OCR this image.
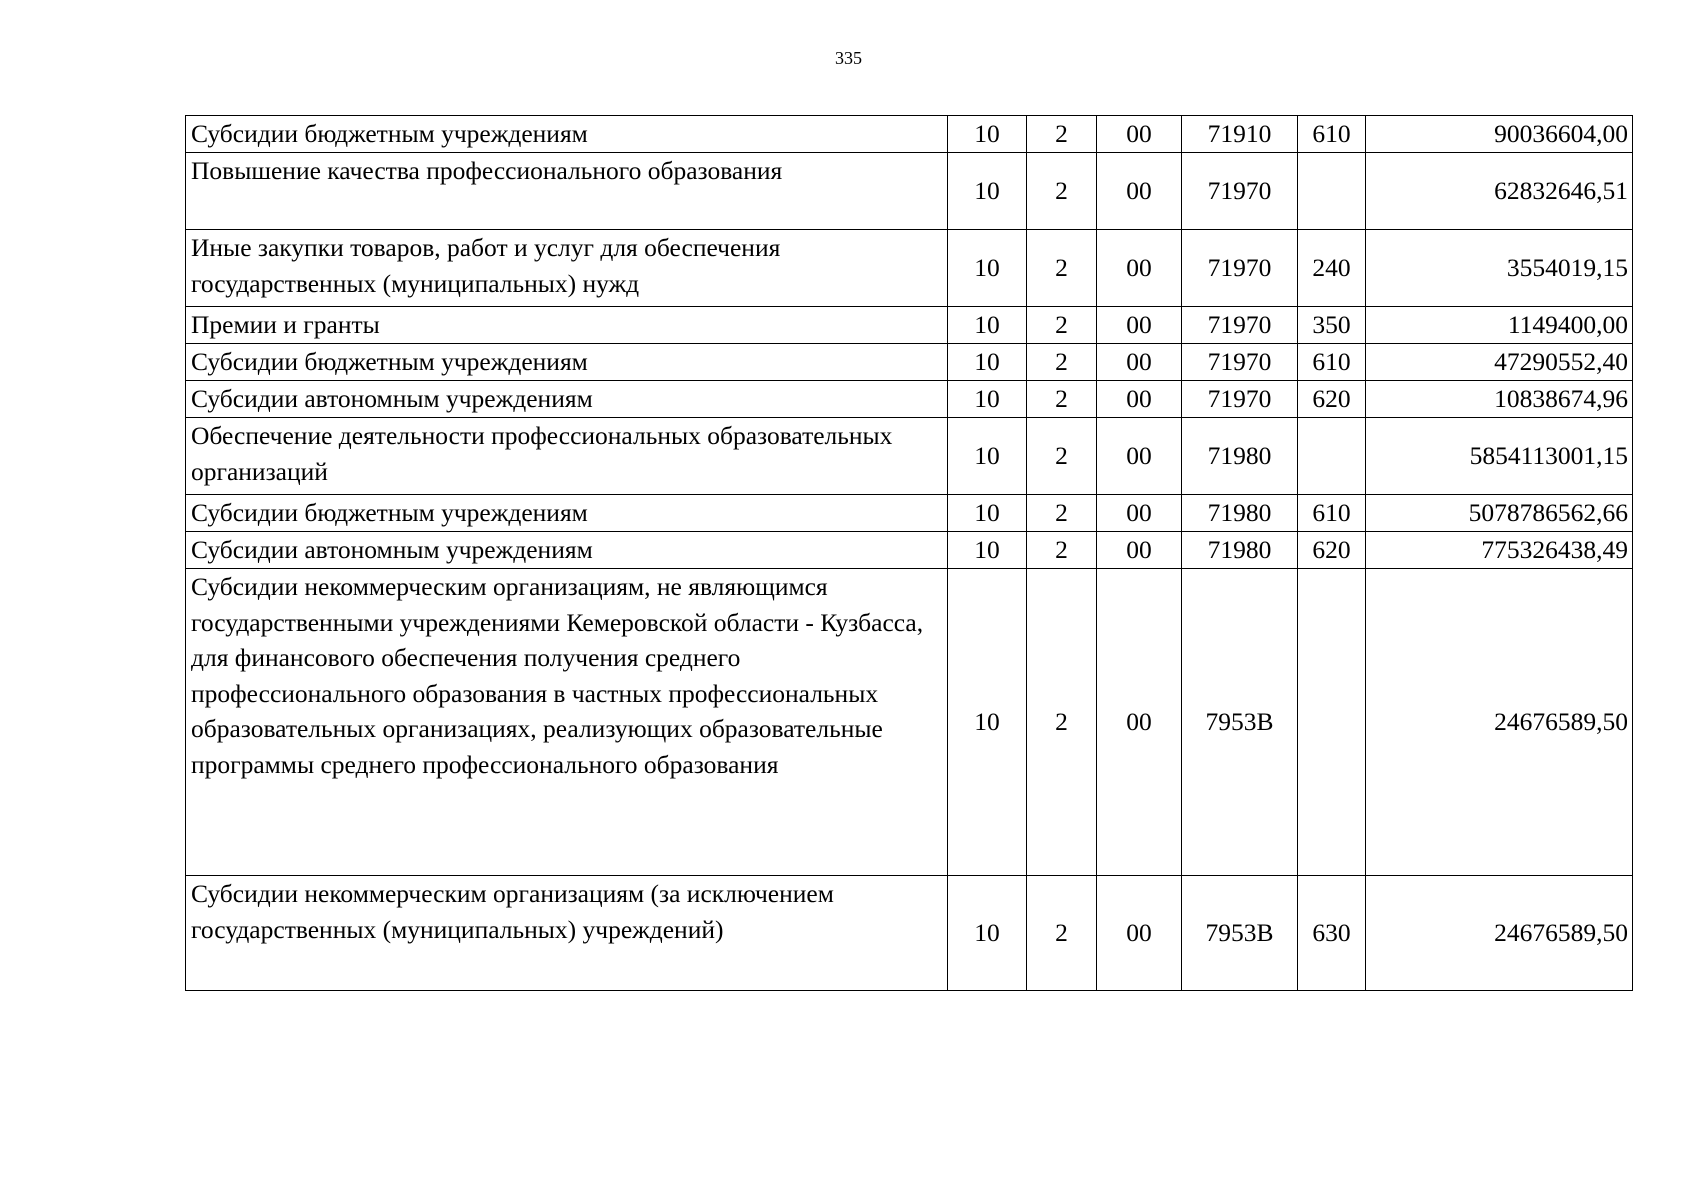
335
Субсидии бюджетным учреждениям	10	2	00	71910	610	90036604,00
Повышение качества профессионального образования	10	2	00	71970		62832646,51
Иные закупки товаров, работ и услуг для обеспечения государственных (муниципальных) нужд	10	2	00	71970	240	3554019,15
Премии и гранты	10	2	00	71970	350	1149400,00
Субсидии бюджетным учреждениям	10	2	00	71970	610	47290552,40
Субсидии автономным учреждениям	10	2	00	71970	620	10838674,96
Обеспечение деятельности профессиональных образовательных организаций	10	2	00	71980		5854113001,15
Субсидии бюджетным учреждениям	10	2	00	71980	610	5078786562,66
Субсидии автономным учреждениям	10	2	00	71980	620	775326438,49
Субсидии некоммерческим организациям, не являющимся государственными учреждениями Кемеровской области - Кузбасса, для финансового обеспечения получения среднего профессионального образования в частных профессиональных образовательных организациях, реализующих образовательные программы среднего профессионального образования	10	2	00	7953В		24676589,50
Субсидии некоммерческим организациям (за исключением государственных (муниципальных) учреждений)	10	2	00	7953В	630	24676589,50
